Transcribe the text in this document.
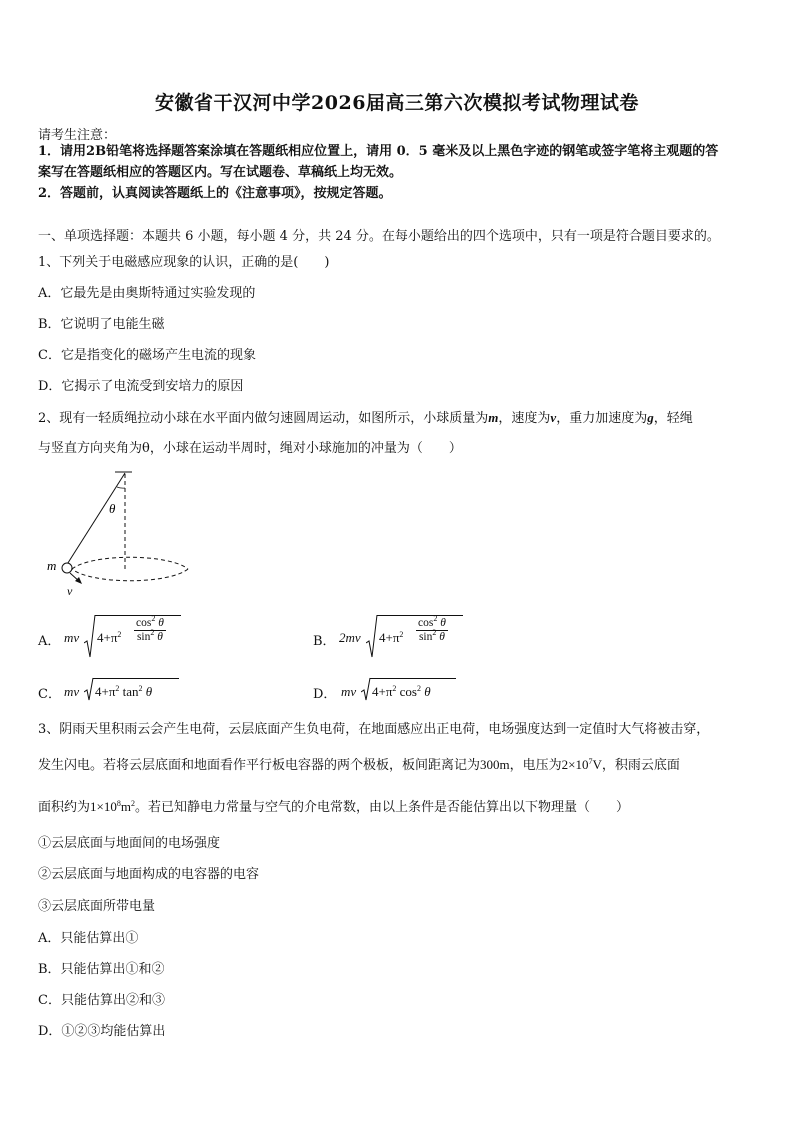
安徽省干汉河中学2026届高三第六次模拟考试物理试卷
请考生注意：
1．请用2B铅笔将选择题答案涂填在答题纸相应位置上，请用 0．5 毫米及以上黑色字迹的钢笔或签字笔将主观题的答
案写在答题纸相应的答题区内。写在试题卷、草稿纸上均无效。
2．答题前，认真阅读答题纸上的《注意事项》，按规定答题。
一、单项选择题：本题共 6 小题，每小题 4 分，共 24 分。在每小题给出的四个选项中，只有一项是符合题目要求的。
1、下列关于电磁感应现象的认识，正确的是(　　)
A．它最先是由奥斯特通过实验发现的
B．它说明了电能生磁
C．它是指变化的磁场产生电流的现象
D．它揭示了电流受到安培力的原因
2、现有一轻质绳拉动小球在水平面内做匀速圆周运动，如图所示，小球质量为m，速度为v，重力加速度为g，轻绳
与竖直方向夹角为θ，小球在运动半周时，绳对小球施加的冲量为（　　）
θ
m
v
A． mv $4+\pi^2 \frac{\cos^2 \theta}{\sin^2 \theta}$	B． 2mv $4+\pi^2 \frac{\cos^2 \theta}{\sin^2 \theta}$
C． mv $4+\pi^2$ $\tan^2 \theta$	D． mv $4+\pi^2$ $\cos^2 \theta$
3、阴雨天里积雨云会产生电荷，云层底面产生负电荷，在地面感应出正电荷，电场强度达到一定值时大气将被击穿，
发生闪电。若将云层底面和地面看作平行板电容器的两个极板，板间距离记为300m，电压为$2\times 10^7V$，积雨云底面
面积约为$1\times 10^8m^2$。若已知静电力常量与空气的介电常数，由以上条件是否能估算出以下物理量（　　）
①云层底面与地面间的电场强度
②云层底面与地面构成的电容器的电容
③云层底面所带电量
A．只能估算出①
B．只能估算出①和②
C．只能估算出②和③
D．①②③均能估算出
